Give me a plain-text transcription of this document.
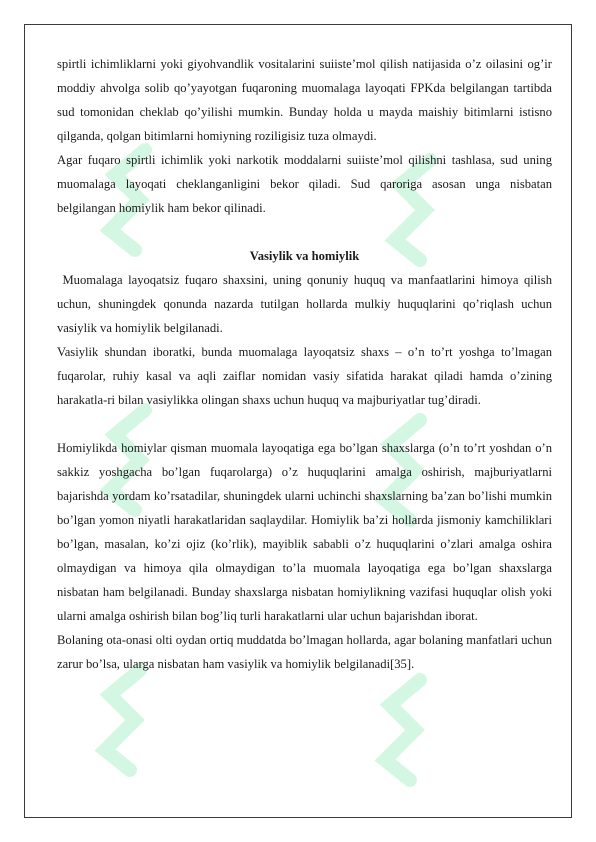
spirtli ichimliklarni yoki giyohvandlik vositalarini suiiste’mol qilish natijasida o’z oilasini og’ir moddiy ahvolga solib qo’yayotgan fuqaroning muomalaga layoqati FPKda belgilangan tartibda sud tomonidan cheklab qo’yilishi mumkin. Bunday holda u mayda maishiy bitimlarni istisno qilganda, qolgan bitimlarni homiyning roziligisiz tuza olmaydi.

Agar fuqaro spirtli ichimlik yoki narkotik moddalarni suiiste’mol qilishni tashlasa, sud uning muomalaga layoqati cheklanganligini bekor qiladi. Sud qaroriga asosan unga nisbatan belgilangan homiylik ham bekor qilinadi.

Vasiylik va homiylik

Muomalaga layoqatsiz fuqaro shaxsini, uning qonuniy huquq va manfaatlarini himoya qilish uchun, shuningdek qonunda nazarda tutilgan hollarda mulkiy huquqlarini qo’riqlash uchun vasiylik va homiylik belgilanadi.

Vasiylik shundan iboratki, bunda muomalaga layoqatsiz shaxs – o’n to’rt yoshga to’lmagan fuqarolar, ruhiy kasal va aqli zaiflar nomidan vasiy sifatida harakat qiladi hamda o’zining harakatla-ri bilan vasiylikka olingan shaxs uchun huquq va majburiyatlar tug’diradi.

Homiylikda homiylar qisman muomala layoqatiga ega bo’lgan shaxslarga (o’n to’rt yoshdan o’n sakkiz yoshgacha bo’lgan fuqarolarga) o’z huquqlarini amalga oshirish, majburiyatlarni bajarishda yordam ko’rsatadilar, shuningdek ularni uchinchi shaxslarning ba’zan bo’lishi mumkin bo’lgan yomon niyatli harakatlaridan saqlaydilar. Homiylik ba’zi hollarda jismoniy kamchiliklari bo’lgan, masalan, ko’zi ojiz (ko’rlik), mayiblik sababli o’z huquqlarini o’zlari amalga oshira olmaydigan va himoya qila olmaydigan to’la muomala layoqatiga ega bo’lgan shaxslarga nisbatan ham belgilanadi. Bunday shaxslarga nisbatan homiylikning vazifasi huquqlar olish yoki ularni amalga oshirish bilan bog’liq turli harakatlarni ular uchun bajarishdan iborat.

Bolaning ota-onasi olti oydan ortiq muddatda bo’lmagan hollarda, agar bolaning manfatlari uchun zarur bo’lsa, ularga nisbatan ham vasiylik va homiylik belgilanadi[35].
